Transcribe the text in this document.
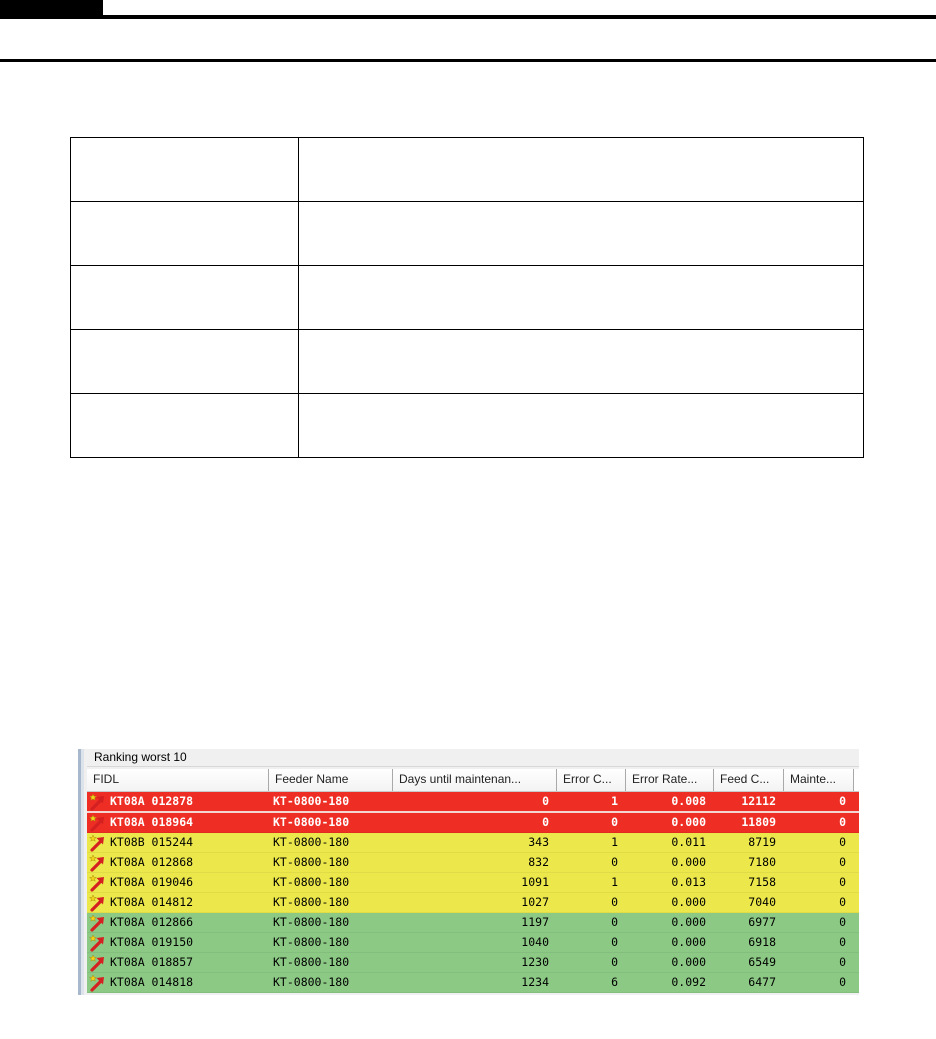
Ranking worst 10
FIDL	Feeder Name	Days until maintenan...	Error C...	Error Rate...	Feed C...	Mainte...
KT08A 012878	KT-0800-180	0	1	0.008	12112	0
KT08A 018964	KT-0800-180	0	0	0.000	11809	0
KT08B 015244	KT-0800-180	343	1	0.011	8719	0
KT08A 012868	KT-0800-180	832	0	0.000	7180	0
KT08A 019046	KT-0800-180	1091	1	0.013	7158	0
KT08A 014812	KT-0800-180	1027	0	0.000	7040	0
KT08A 012866	KT-0800-180	1197	0	0.000	6977	0
KT08A 019150	KT-0800-180	1040	0	0.000	6918	0
KT08A 018857	KT-0800-180	1230	0	0.000	6549	0
KT08A 014818	KT-0800-180	1234	6	0.092	6477	0
